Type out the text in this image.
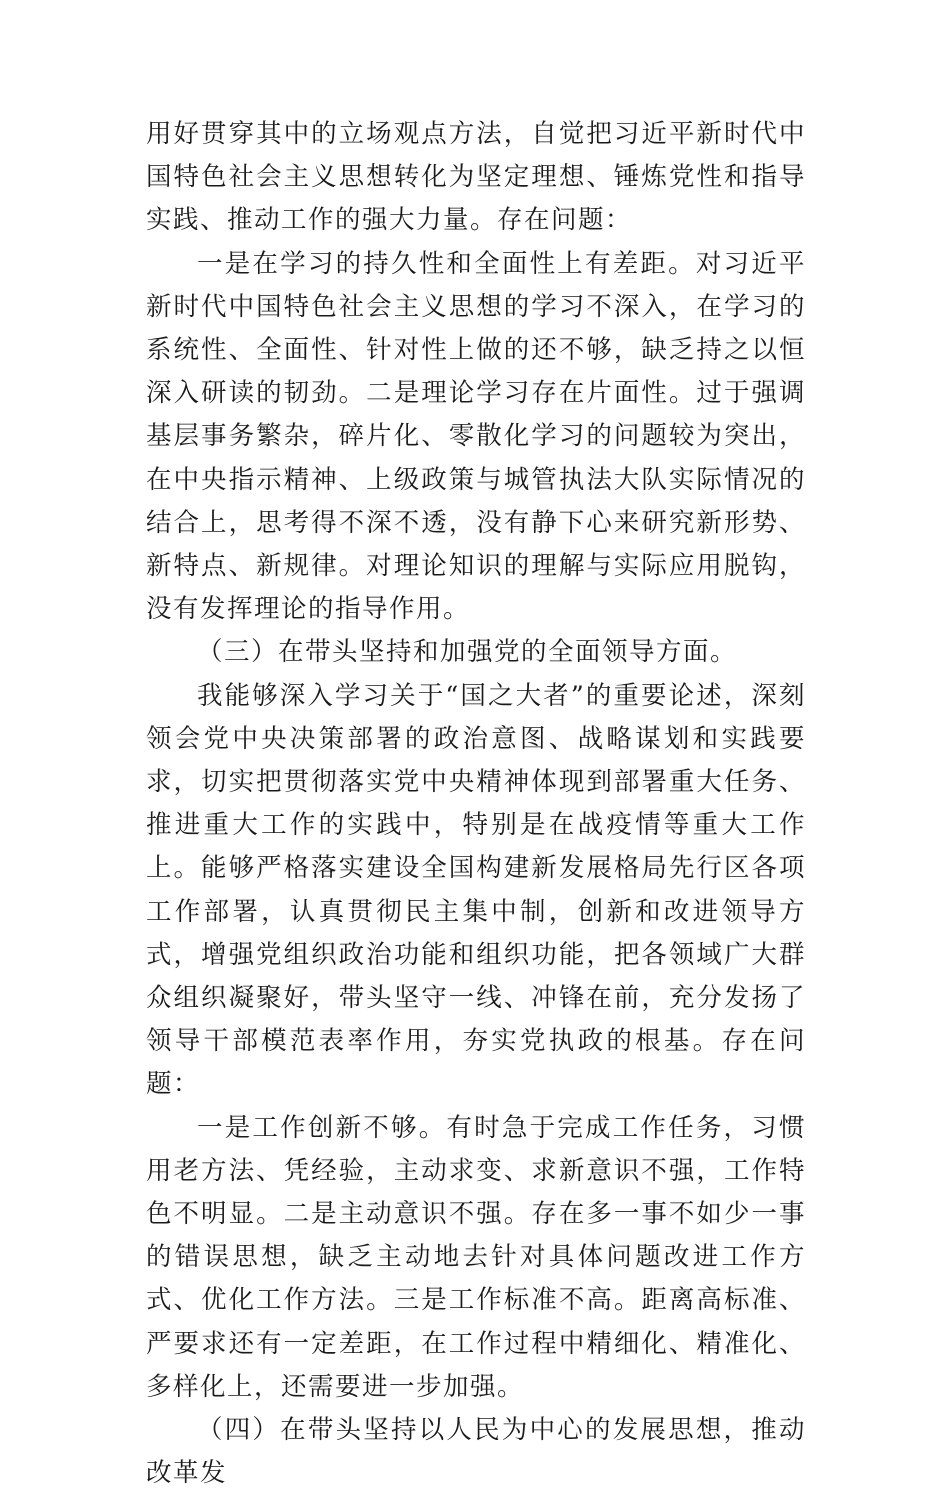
用好贯穿其中的立场观点方法，自觉把习近平新时代中国特色社会主义思想转化为坚定理想、锤炼党性和指导实践、推动工作的强大力量。存在问题：

一是在学习的持久性和全面性上有差距。对习近平新时代中国特色社会主义思想的学习不深入，在学习的系统性、全面性、针对性上做的还不够，缺乏持之以恒深入研读的韧劲。二是理论学习存在片面性。过于强调基层事务繁杂，碎片化、零散化学习的问题较为突出，在中央指示精神、上级政策与城管执法大队实际情况的结合上，思考得不深不透，没有静下心来研究新形势、新特点、新规律。对理论知识的理解与实际应用脱钩，没有发挥理论的指导作用。

（三）在带头坚持和加强党的全面领导方面。

我能够深入学习关于“国之大者”的重要论述，深刻领会党中央决策部署的政治意图、战略谋划和实践要求，切实把贯彻落实党中央精神体现到部署重大任务、推进重大工作的实践中，特别是在战疫情等重大工作上。能够严格落实建设全国构建新发展格局先行区各项工作部署，认真贯彻民主集中制，创新和改进领导方式，增强党组织政治功能和组织功能，把各领域广大群众组织凝聚好，带头坚守一线、冲锋在前，充分发扬了领导干部模范表率作用，夯实党执政的根基。存在问题：

一是工作创新不够。有时急于完成工作任务，习惯用老方法、凭经验，主动求变、求新意识不强，工作特色不明显。二是主动意识不强。存在多一事不如少一事的错误思想，缺乏主动地去针对具体问题改进工作方式、优化工作方法。三是工作标准不高。距离高标准、严要求还有一定差距，在工作过程中精细化、精准化、多样化上，还需要进一步加强。

（四）在带头坚持以人民为中心的发展思想，推动改革发
